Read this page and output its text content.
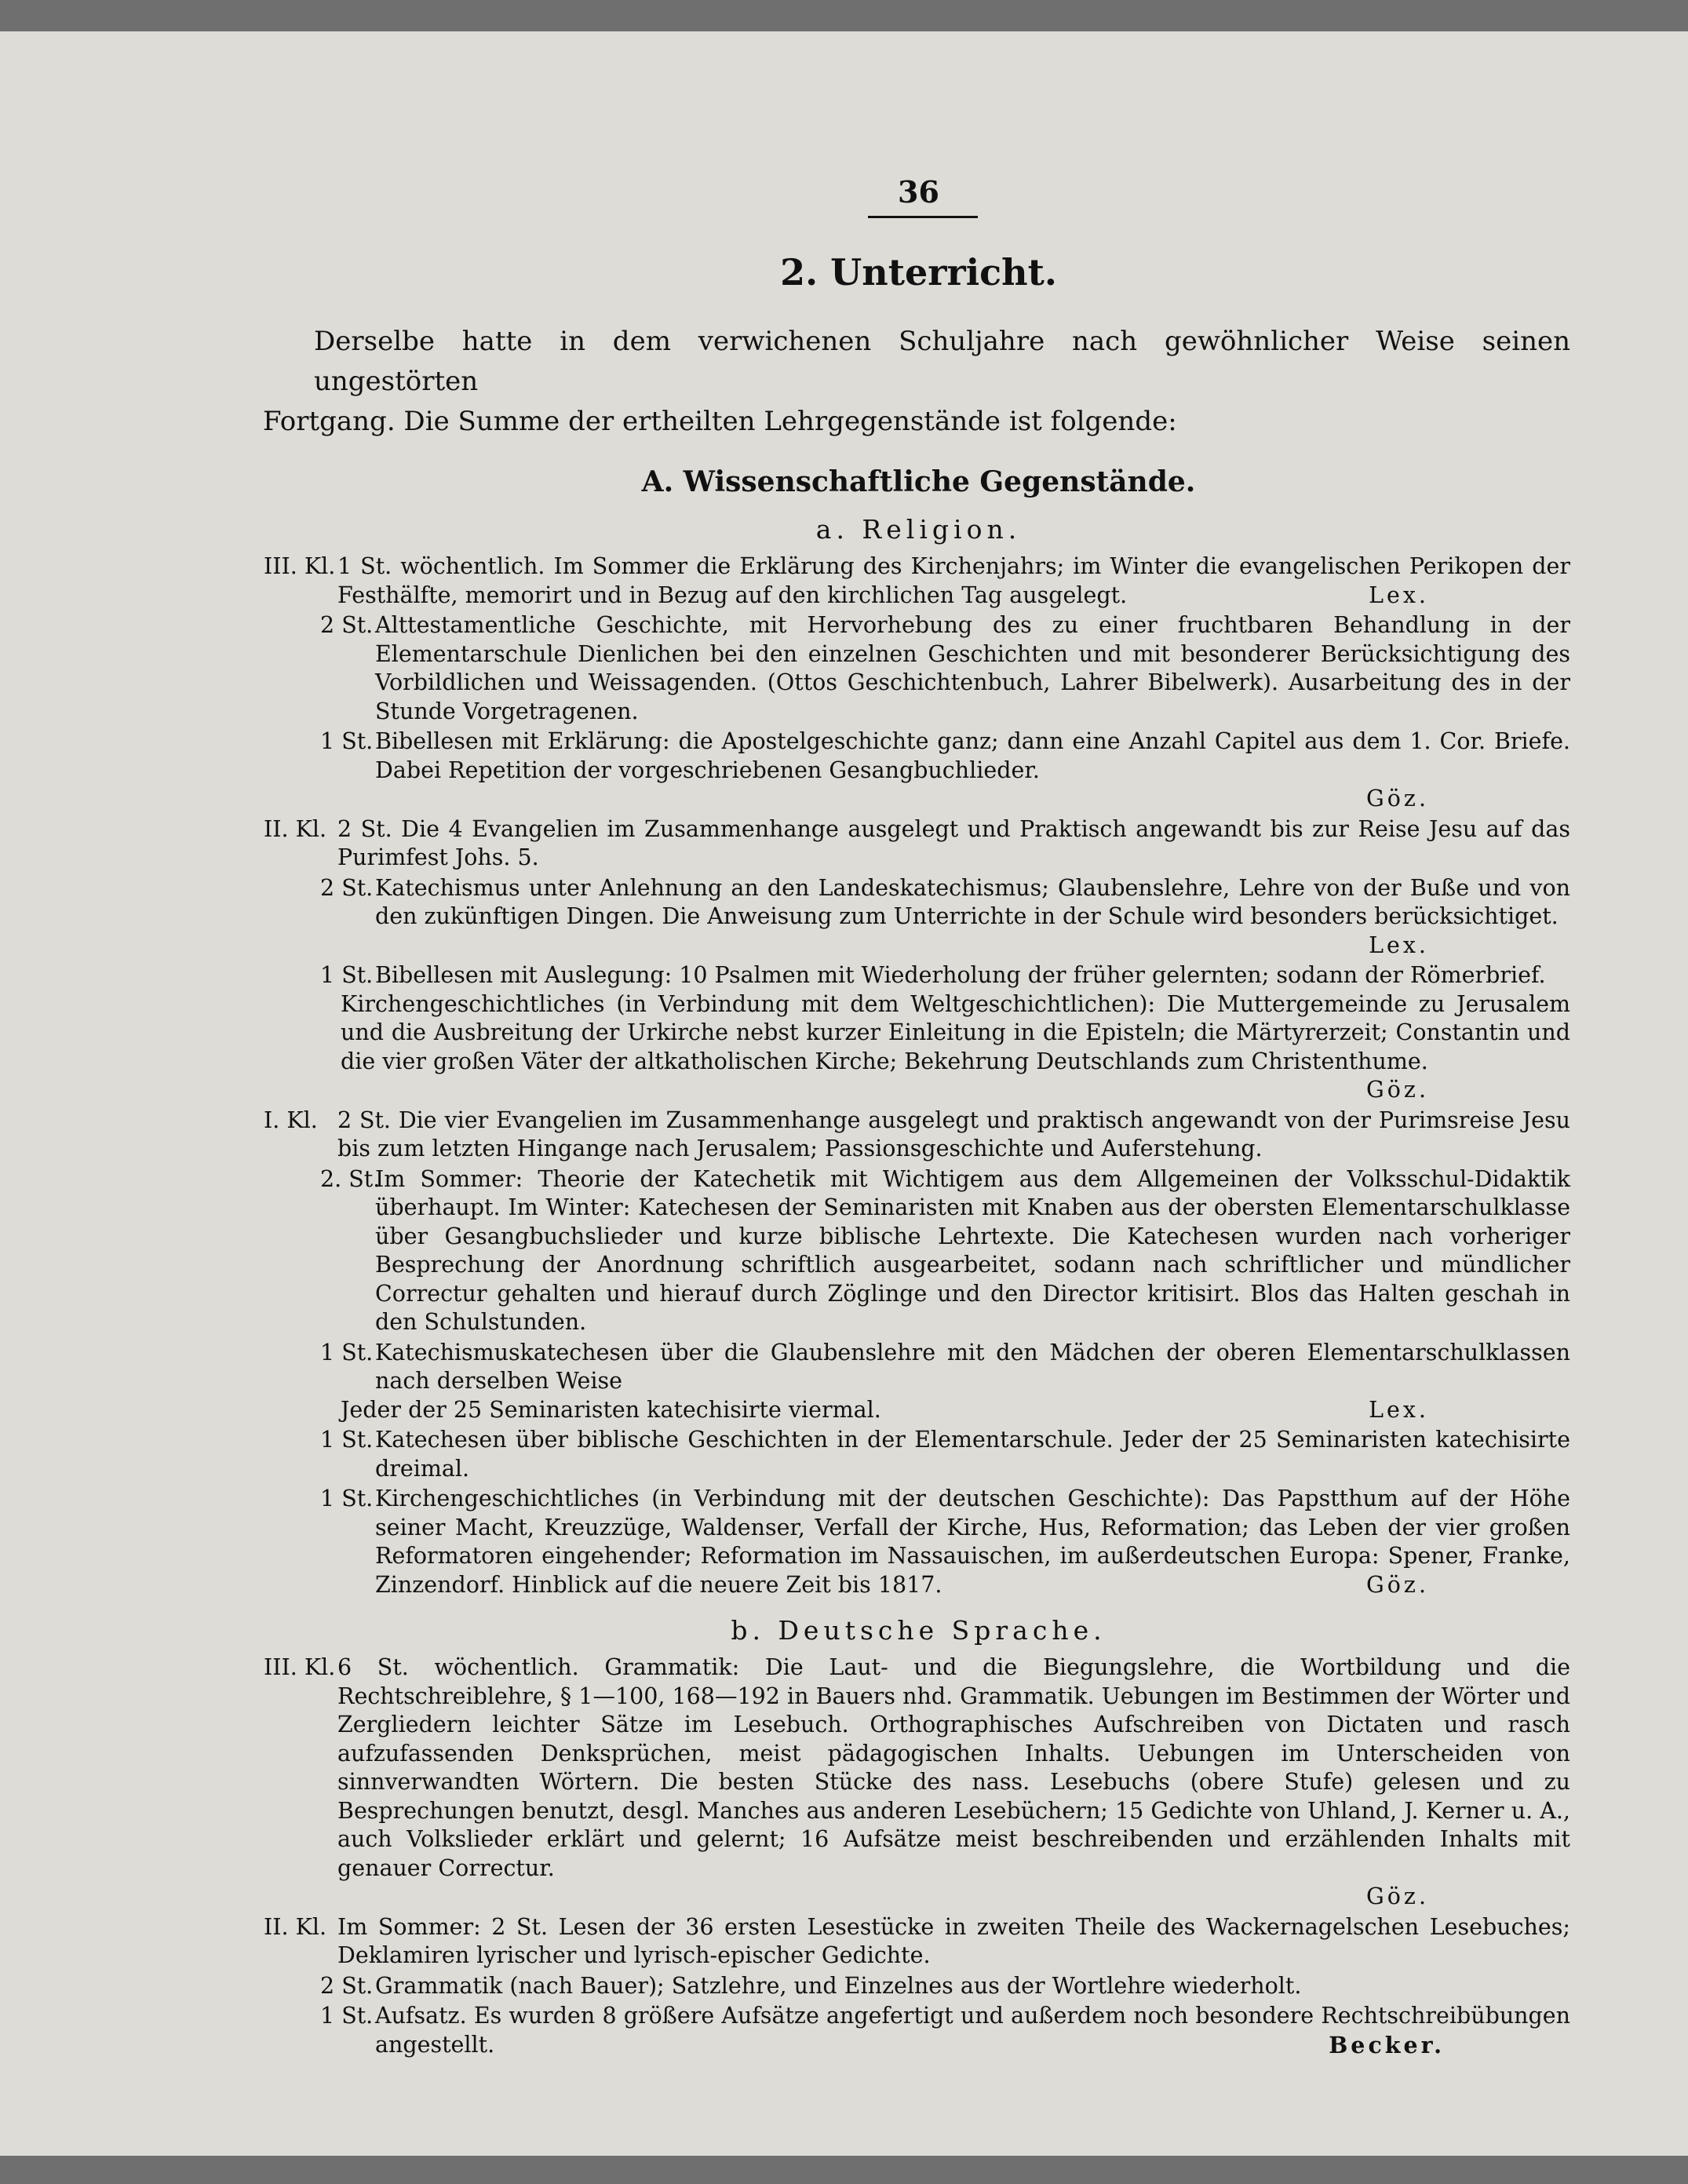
36
2. Unterricht.
Derselbe hatte in dem verwichenen Schuljahre nach gewöhnlicher Weise seinen ungestörten
Fortgang. Die Summe der ertheilten Lehrgegenstände ist folgende:
A. Wissenschaftliche Gegenstände.
a. Religion.
III. Kl. 1 St. wöchentlich. Im Sommer die Erklärung des Kirchenjahrs; im Winter die evangelischen Perikopen der Festhälfte, memorirt und in Bezug auf den kirchlichen Tag ausgelegt.	Lex.
2 St. Alttestamentliche Geschichte, mit Hervorhebung des zu einer fruchtbaren Behandlung in der Elementarschule Dienlichen bei den einzelnen Geschichten und mit besonderer Berücksichtigung des Vorbildlichen und Weissagenden. (Ottos Geschichtenbuch, Lahrer Bibelwerk). Ausarbeitung des in der Stunde Vorgetragenen.
1 St. Bibellesen mit Erklärung: die Apostelgeschichte ganz; dann eine Anzahl Capitel aus dem 1. Cor. Briefe. Dabei Repetition der vorgeschriebenen Gesangbuchlieder.
Göz.
II. Kl. 2 St. Die 4 Evangelien im Zusammenhange ausgelegt und Praktisch angewandt bis zur Reise Jesu auf das Purimfest Johs. 5.
2 St. Katechismus unter Anlehnung an den Landeskatechismus; Glaubenslehre, Lehre von der Buße und von den zukünftigen Dingen. Die Anweisung zum Unterrichte in der Schule wird besonders berücksichtiget.
Lex.
1 St. Bibellesen mit Auslegung: 10 Psalmen mit Wiederholung der früher gelernten; sodann der Römerbrief.
Kirchengeschichtliches (in Verbindung mit dem Weltgeschichtlichen): Die Muttergemeinde zu Jerusalem und die Ausbreitung der Urkirche nebst kurzer Einleitung in die Episteln; die Märtyrerzeit; Constantin und die vier großen Väter der altkatholischen Kirche; Bekehrung Deutschlands zum Christenthume.
Göz.
I. Kl. 2 St. Die vier Evangelien im Zusammenhange ausgelegt und praktisch angewandt von der Purimsreise Jesu bis zum letzten Hingange nach Jerusalem; Passionsgeschichte und Auferstehung.
2. St.
Im Sommer: Theorie der Katechetik mit Wichtigem aus dem Allgemeinen der Volksschul-Didaktik überhaupt. Im Winter: Katechesen der Seminaristen mit Knaben aus der obersten Elementarschulklasse über Gesangbuchslieder und kurze biblische Lehrtexte. Die Katechesen wurden nach vorheriger Besprechung der Anordnung schriftlich ausgearbeitet, sodann nach schriftlicher und mündlicher Correctur gehalten und hierauf durch Zöglinge und den Director kritisirt. Blos das Halten geschah in den Schulstunden.
1 St. Katechismuskatechesen über die Glaubenslehre mit den Mädchen der oberen Elementarschulklassen nach derselben Weise
Jeder der 25 Seminaristen katechisirte viermal.	Lex.
1 St. Katechesen über biblische Geschichten in der Elementarschule. Jeder der 25 Seminaristen katechisirte dreimal.
1 St. Kirchengeschichtliches (in Verbindung mit der deutschen Geschichte): Das Papstthum auf der Höhe seiner Macht, Kreuzzüge, Waldenser, Verfall der Kirche, Hus, Reformation; das Leben der vier großen Reformatoren eingehender; Reformation im Nassauischen, im außerdeutschen Europa: Spener, Franke, Zinzendorf. Hinblick auf die neuere Zeit bis 1817.	Göz.
b. Deutsche Sprache.
III. Kl. 6 St. wöchentlich. Grammatik: Die Laut- und die Biegungslehre, die Wortbildung und die Rechtschreiblehre, § 1—100, 168—192 in Bauers nhd. Grammatik. Uebungen im Bestimmen der Wörter und Zergliedern leichter Sätze im Lesebuch. Orthographisches Aufschreiben von Dictaten und rasch aufzufassenden Denksprüchen, meist pädagogischen Inhalts. Uebungen im Unterscheiden von sinnverwandten Wörtern. Die besten Stücke des nass. Lesebuchs (obere Stufe) gelesen und zu Besprechungen benutzt, desgl. Manches aus anderen Lesebüchern; 15 Gedichte von Uhland, J. Kerner u. A., auch Volkslieder erklärt und gelernt; 16 Aufsätze meist beschreibenden und erzählenden Inhalts mit genauer Correctur.
Göz.
II. Kl. Im Sommer: 2 St. Lesen der 36 ersten Lesestücke in zweiten Theile des Wackernagelschen Lesebuches; Deklamiren lyrischer und lyrisch-epischer Gedichte.
2 St. Grammatik (nach Bauer); Satzlehre, und Einzelnes aus der Wortlehre wiederholt.
1 St. Aufsatz. Es wurden 8 größere Aufsätze angefertigt und außerdem noch besondere Rechtschreibübungen angestellt.	Becker.
